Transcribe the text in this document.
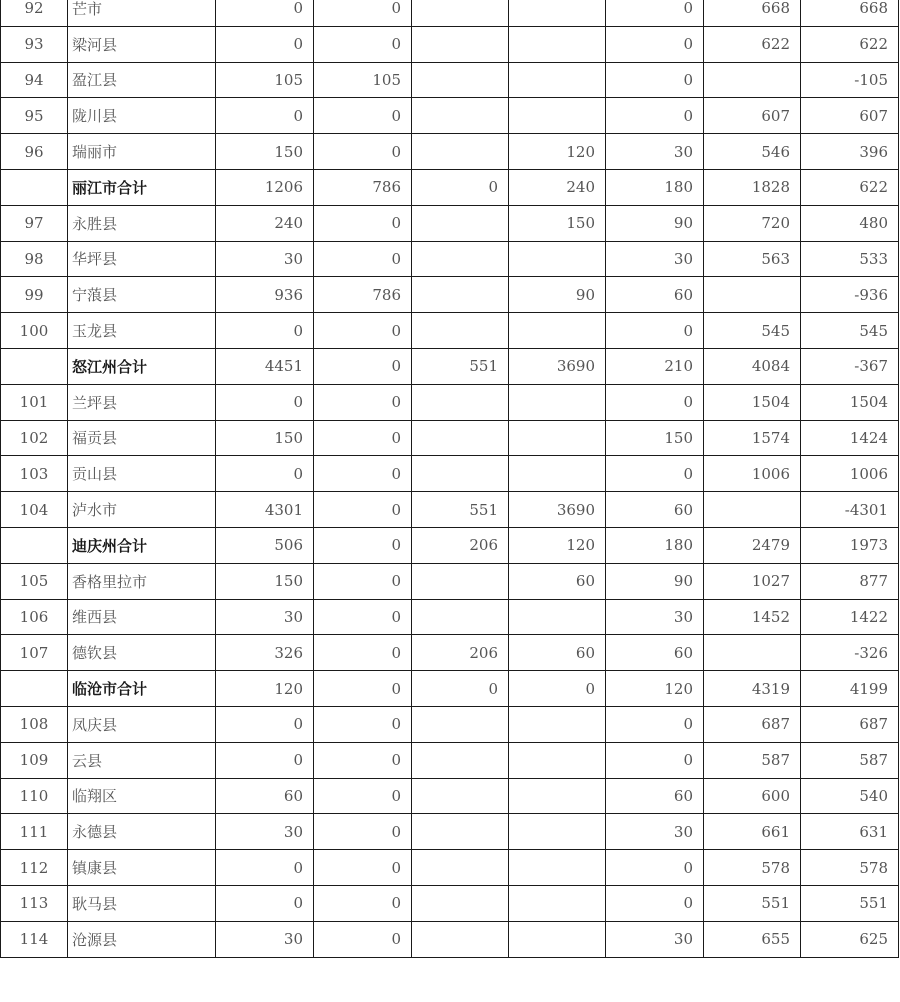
92	芒市	0	0			0	668	668
93	梁河县	0	0			0	622	622
94	盈江县	105	105			0		-105
95	陇川县	0	0			0	607	607
96	瑞丽市	150	0		120	30	546	396
	丽江市合计	1206	786	0	240	180	1828	622
97	永胜县	240	0		150	90	720	480
98	华坪县	30	0			30	563	533
99	宁蒗县	936	786		90	60		-936
100	玉龙县	0	0			0	545	545
	怒江州合计	4451	0	551	3690	210	4084	-367
101	兰坪县	0	0			0	1504	1504
102	福贡县	150	0			150	1574	1424
103	贡山县	0	0			0	1006	1006
104	泸水市	4301	0	551	3690	60		-4301
	迪庆州合计	506	0	206	120	180	2479	1973
105	香格里拉市	150	0		60	90	1027	877
106	维西县	30	0			30	1452	1422
107	德钦县	326	0	206	60	60		-326
	临沧市合计	120	0	0	0	120	4319	4199
108	凤庆县	0	0			0	687	687
109	云县	0	0			0	587	587
110	临翔区	60	0			60	600	540
111	永德县	30	0			30	661	631
112	镇康县	0	0			0	578	578
113	耿马县	0	0			0	551	551
114	沧源县	30	0			30	655	625
